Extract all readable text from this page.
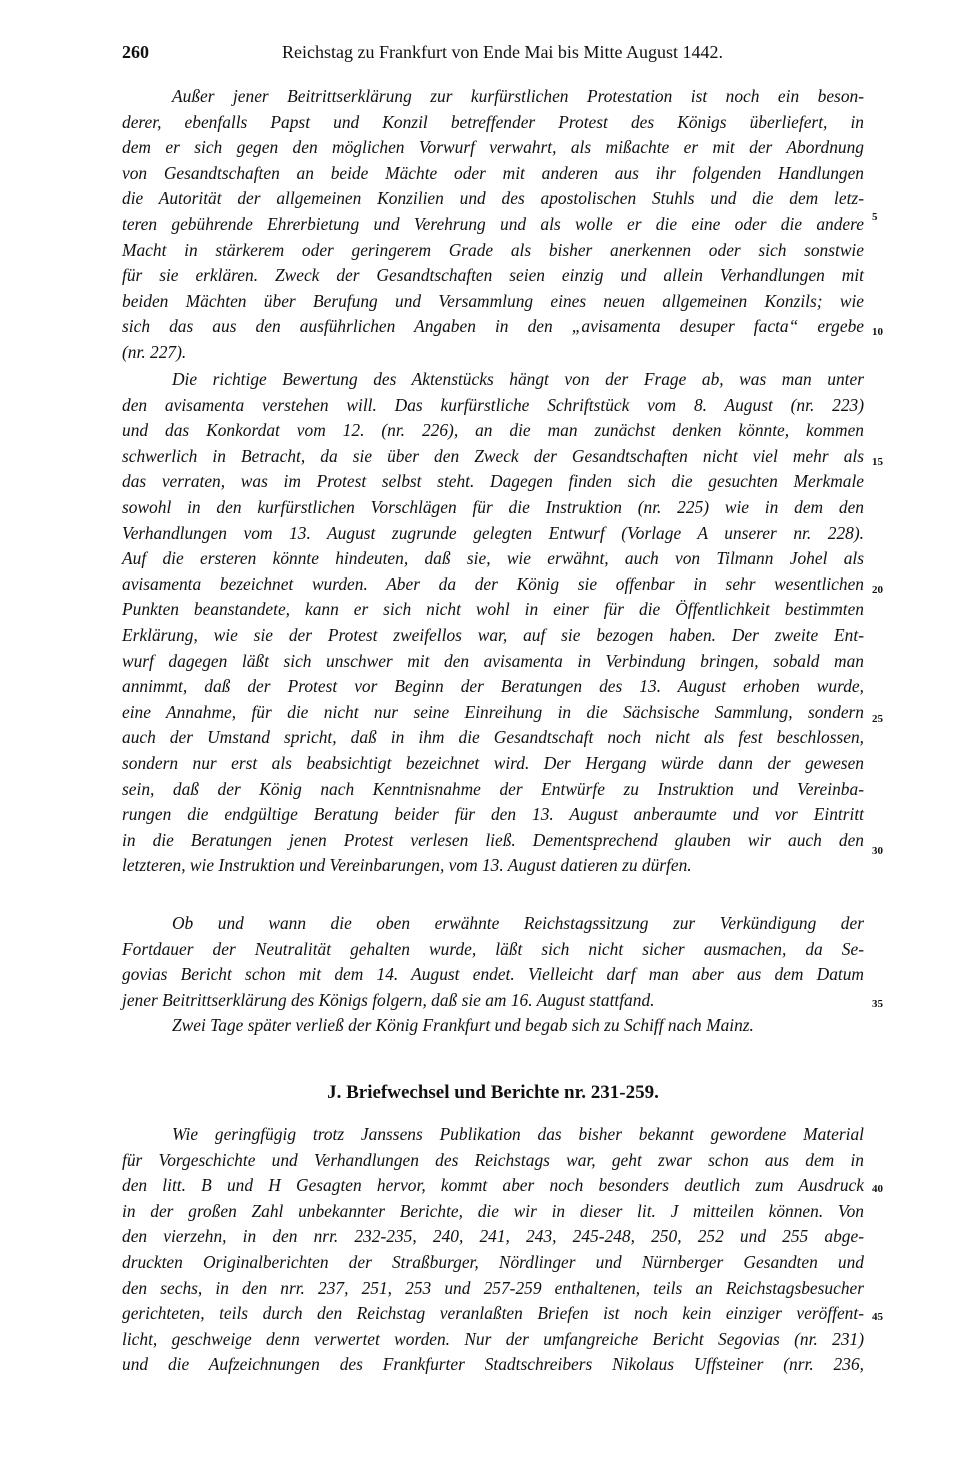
260	Reichstag zu Frankfurt von Ende Mai bis Mitte August 1442.
Außer jener Beitrittserklärung zur kurfürstlichen Protestation ist noch ein beson-
derer, ebenfalls Papst und Konzil betreffender Protest des Königs überliefert, in
dem er sich gegen den möglichen Vorwurf verwahrt, als mißachte er mit der Abordnung
von Gesandtschaften an beide Mächte oder mit anderen aus ihr folgenden Handlungen
die Autorität der allgemeinen Konzilien und des apostolischen Stuhls und die dem letz-
teren gebührende Ehrerbietung und Verehrung und als wolle er die eine oder die andere
Macht in stärkerem oder geringerem Grade als bisher anerkennen oder sich sonstwie
für sie erklären. Zweck der Gesandtschaften seien einzig und allein Verhandlungen mit
beiden Mächten über Berufung und Versammlung eines neuen allgemeinen Konzils; wie
sich das aus den ausführlichen Angaben in den „avisamenta desuper facta“ ergebe
(nr. 227).
Die richtige Bewertung des Aktenstücks hängt von der Frage ab, was man unter
den avisamenta verstehen will. Das kurfürstliche Schriftstück vom 8. August (nr. 223)
und das Konkordat vom 12. (nr. 226), an die man zunächst denken könnte, kommen
schwerlich in Betracht, da sie über den Zweck der Gesandtschaften nicht viel mehr als
das verraten, was im Protest selbst steht. Dagegen finden sich die gesuchten Merkmale
sowohl in den kurfürstlichen Vorschlägen für die Instruktion (nr. 225) wie in dem den
Verhandlungen vom 13. August zugrunde gelegten Entwurf (Vorlage A unserer nr. 228).
Auf die ersteren könnte hindeuten, daß sie, wie erwähnt, auch von Tilmann Johel als
avisamenta bezeichnet wurden. Aber da der König sie offenbar in sehr wesentlichen
Punkten beanstandete, kann er sich nicht wohl in einer für die Öffentlichkeit bestimmten
Erklärung, wie sie der Protest zweifellos war, auf sie bezogen haben. Der zweite Ent-
wurf dagegen läßt sich unschwer mit den avisamenta in Verbindung bringen, sobald man
annimmt, daß der Protest vor Beginn der Beratungen des 13. August erhoben wurde,
eine Annahme, für die nicht nur seine Einreihung in die Sächsische Sammlung, sondern
auch der Umstand spricht, daß in ihm die Gesandtschaft noch nicht als fest beschlossen,
sondern nur erst als beabsichtigt bezeichnet wird. Der Hergang würde dann der gewesen
sein, daß der König nach Kenntnisnahme der Entwürfe zu Instruktion und Vereinba-
rungen die endgültige Beratung beider für den 13. August anberaumte und vor Eintritt
in die Beratungen jenen Protest verlesen ließ. Dementsprechend glauben wir auch den
letzteren, wie Instruktion und Vereinbarungen, vom 13. August datieren zu dürfen.
Ob und wann die oben erwähnte Reichstagssitzung zur Verkündigung der
Fortdauer der Neutralität gehalten wurde, läßt sich nicht sicher ausmachen, da Se-
govias Bericht schon mit dem 14. August endet. Vielleicht darf man aber aus dem Datum
jener Beitrittserklärung des Königs folgern, daß sie am 16. August stattfand.
Zwei Tage später verließ der König Frankfurt und begab sich zu Schiff nach Mainz.
J. Briefwechsel und Berichte nr. 231-259.
Wie geringfügig trotz Janssens Publikation das bisher bekannt gewordene Material
für Vorgeschichte und Verhandlungen des Reichstags war, geht zwar schon aus dem in
den litt. B und H Gesagten hervor, kommt aber noch besonders deutlich zum Ausdruck
in der großen Zahl unbekannter Berichte, die wir in dieser lit. J mitteilen können. Von
den vierzehn, in den nrr. 232-235, 240, 241, 243, 245-248, 250, 252 und 255 abge-
druckten Originalberichten der Straßburger, Nördlinger und Nürnberger Gesandten und
den sechs, in den nrr. 237, 251, 253 und 257-259 enthaltenen, teils an Reichstagsbesucher
gerichteten, teils durch den Reichstag veranlaßten Briefen ist noch kein einziger veröffent-
licht, geschweige denn verwertet worden. Nur der umfangreiche Bericht Segovias (nr. 231)
und die Aufzeichnungen des Frankfurter Stadtschreibers Nikolaus Uffsteiner (nrr. 236,
5
10
15
20
25
30
35
40
45
